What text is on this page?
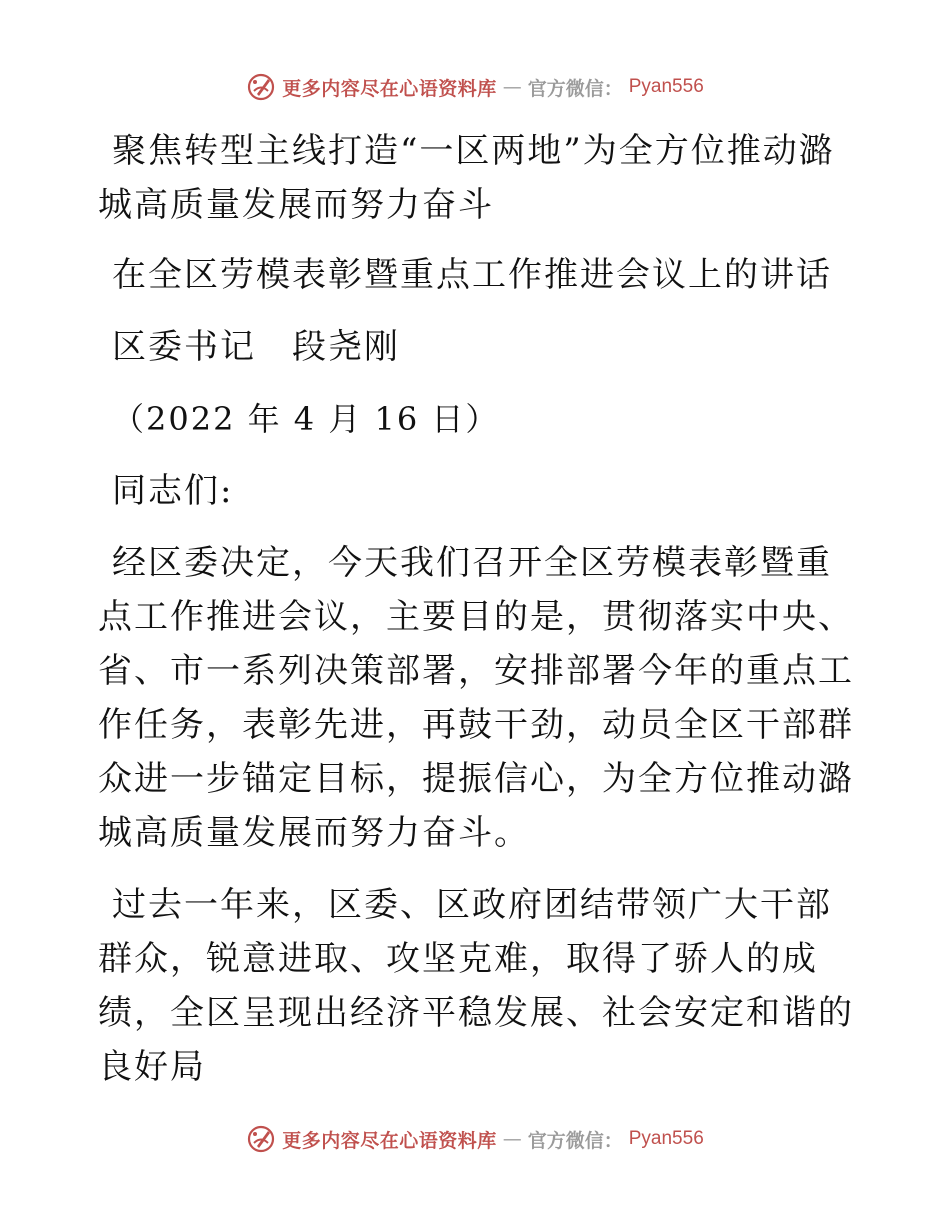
更多内容尽在心语资料库 — 官方微信： Pyan556

聚焦转型主线打造“一区两地”为全方位推动潞城高质量发展而努力奋斗

在全区劳模表彰暨重点工作推进会议上的讲话

区委书记　段尧刚

（2022 年 4 月 16 日）

同志们:

经区委决定，今天我们召开全区劳模表彰暨重点工作推进会议，主要目的是，贯彻落实中央、省、市一系列决策部署，安排部署今年的重点工作任务，表彰先进，再鼓干劲，动员全区干部群众进一步锚定目标，提振信心，为全方位推动潞城高质量发展而努力奋斗。

过去一年来，区委、区政府团结带领广大干部群众，锐意进取、攻坚克难，取得了骄人的成绩，全区呈现出经济平稳发展、社会安定和谐的良好局

更多内容尽在心语资料库 — 官方微信： Pyan556
